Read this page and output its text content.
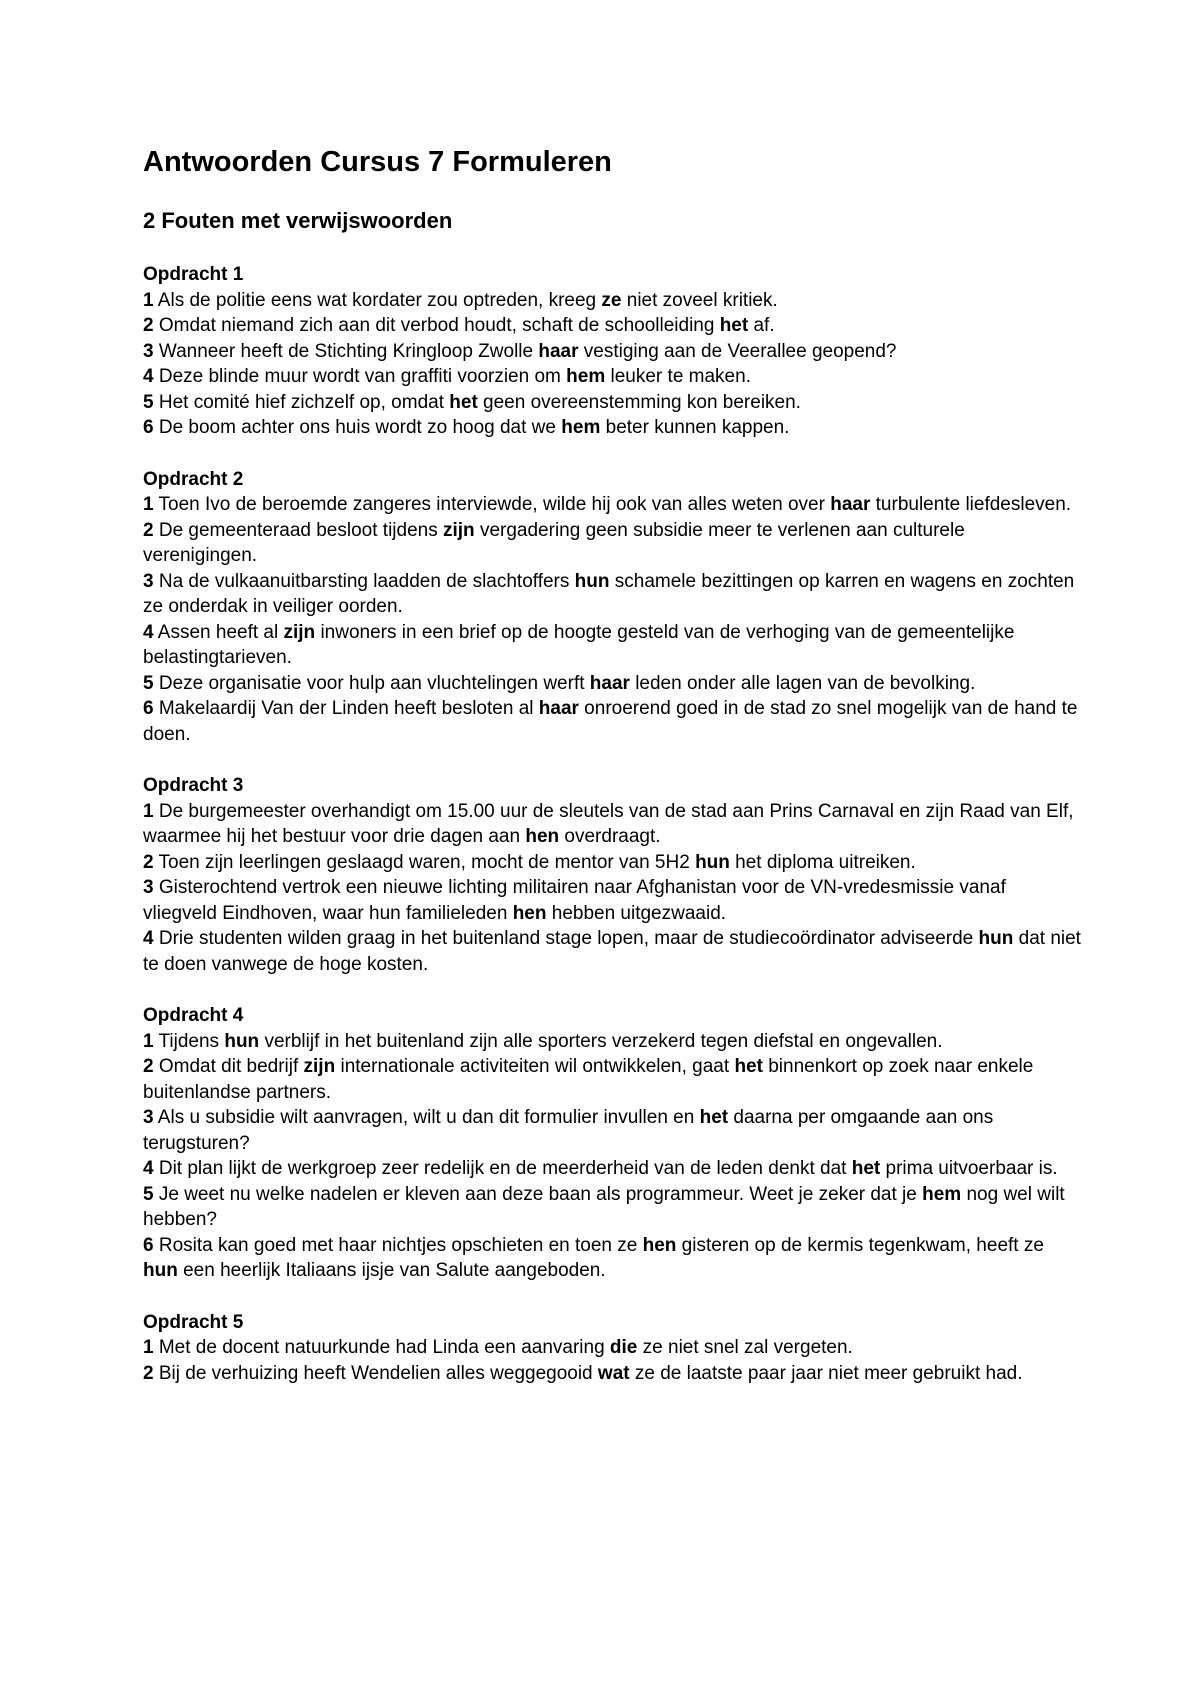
Antwoorden Cursus 7 Formuleren
2 Fouten met verwijswoorden
Opdracht 1
1 Als de politie eens wat kordater zou optreden, kreeg ze niet zoveel kritiek.
2 Omdat niemand zich aan dit verbod houdt, schaft de schoolleiding het af.
3 Wanneer heeft de Stichting Kringloop Zwolle haar vestiging aan de Veerallee geopend?
4 Deze blinde muur wordt van graffiti voorzien om hem leuker te maken.
5 Het comité hief zichzelf op, omdat het geen overeenstemming kon bereiken.
6 De boom achter ons huis wordt zo hoog dat we hem beter kunnen kappen.
Opdracht 2
1 Toen Ivo de beroemde zangeres interviewde, wilde hij ook van alles weten over haar turbulente liefdesleven.
2 De gemeenteraad besloot tijdens zijn vergadering geen subsidie meer te verlenen aan culturele verenigingen.
3 Na de vulkaanuitbarsting laadden de slachtoffers hun schamele bezittingen op karren en wagens en zochten ze onderdak in veiliger oorden.
4 Assen heeft al zijn inwoners in een brief op de hoogte gesteld van de verhoging van de gemeentelijke belastingtarieven.
5 Deze organisatie voor hulp aan vluchtelingen werft haar leden onder alle lagen van de bevolking.
6 Makelaardij Van der Linden heeft besloten al haar onroerend goed in de stad zo snel mogelijk van de hand te doen.
Opdracht 3
1 De burgemeester overhandigt om 15.00 uur de sleutels van de stad aan Prins Carnaval en zijn Raad van Elf, waarmee hij het bestuur voor drie dagen aan hen overdraagt.
2 Toen zijn leerlingen geslaagd waren, mocht de mentor van 5H2 hun het diploma uitreiken.
3 Gisterochtend vertrok een nieuwe lichting militairen naar Afghanistan voor de VN-vredesmissie vanaf vliegveld Eindhoven, waar hun familieleden hen hebben uitgezwaaid.
4 Drie studenten wilden graag in het buitenland stage lopen, maar de studiecoördinator adviseerde hun dat niet te doen vanwege de hoge kosten.
Opdracht 4
1 Tijdens hun verblijf in het buitenland zijn alle sporters verzekerd tegen diefstal en ongevallen.
2 Omdat dit bedrijf zijn internationale activiteiten wil ontwikkelen, gaat het binnenkort op zoek naar enkele buitenlandse partners.
3 Als u subsidie wilt aanvragen, wilt u dan dit formulier invullen en het daarna per omgaande aan ons terugsturen?
4 Dit plan lijkt de werkgroep zeer redelijk en de meerderheid van de leden denkt dat het prima uitvoerbaar is.
5 Je weet nu welke nadelen er kleven aan deze baan als programmeur. Weet je zeker dat je hem nog wel wilt hebben?
6 Rosita kan goed met haar nichtjes opschieten en toen ze hen gisteren op de kermis tegenkwam, heeft ze hun een heerlijk Italiaans ijsje van Salute aangeboden.
Opdracht 5
1 Met de docent natuurkunde had Linda een aanvaring die ze niet snel zal vergeten.
2 Bij de verhuizing heeft Wendelien alles weggegooid wat ze de laatste paar jaar niet meer gebruikt had.
